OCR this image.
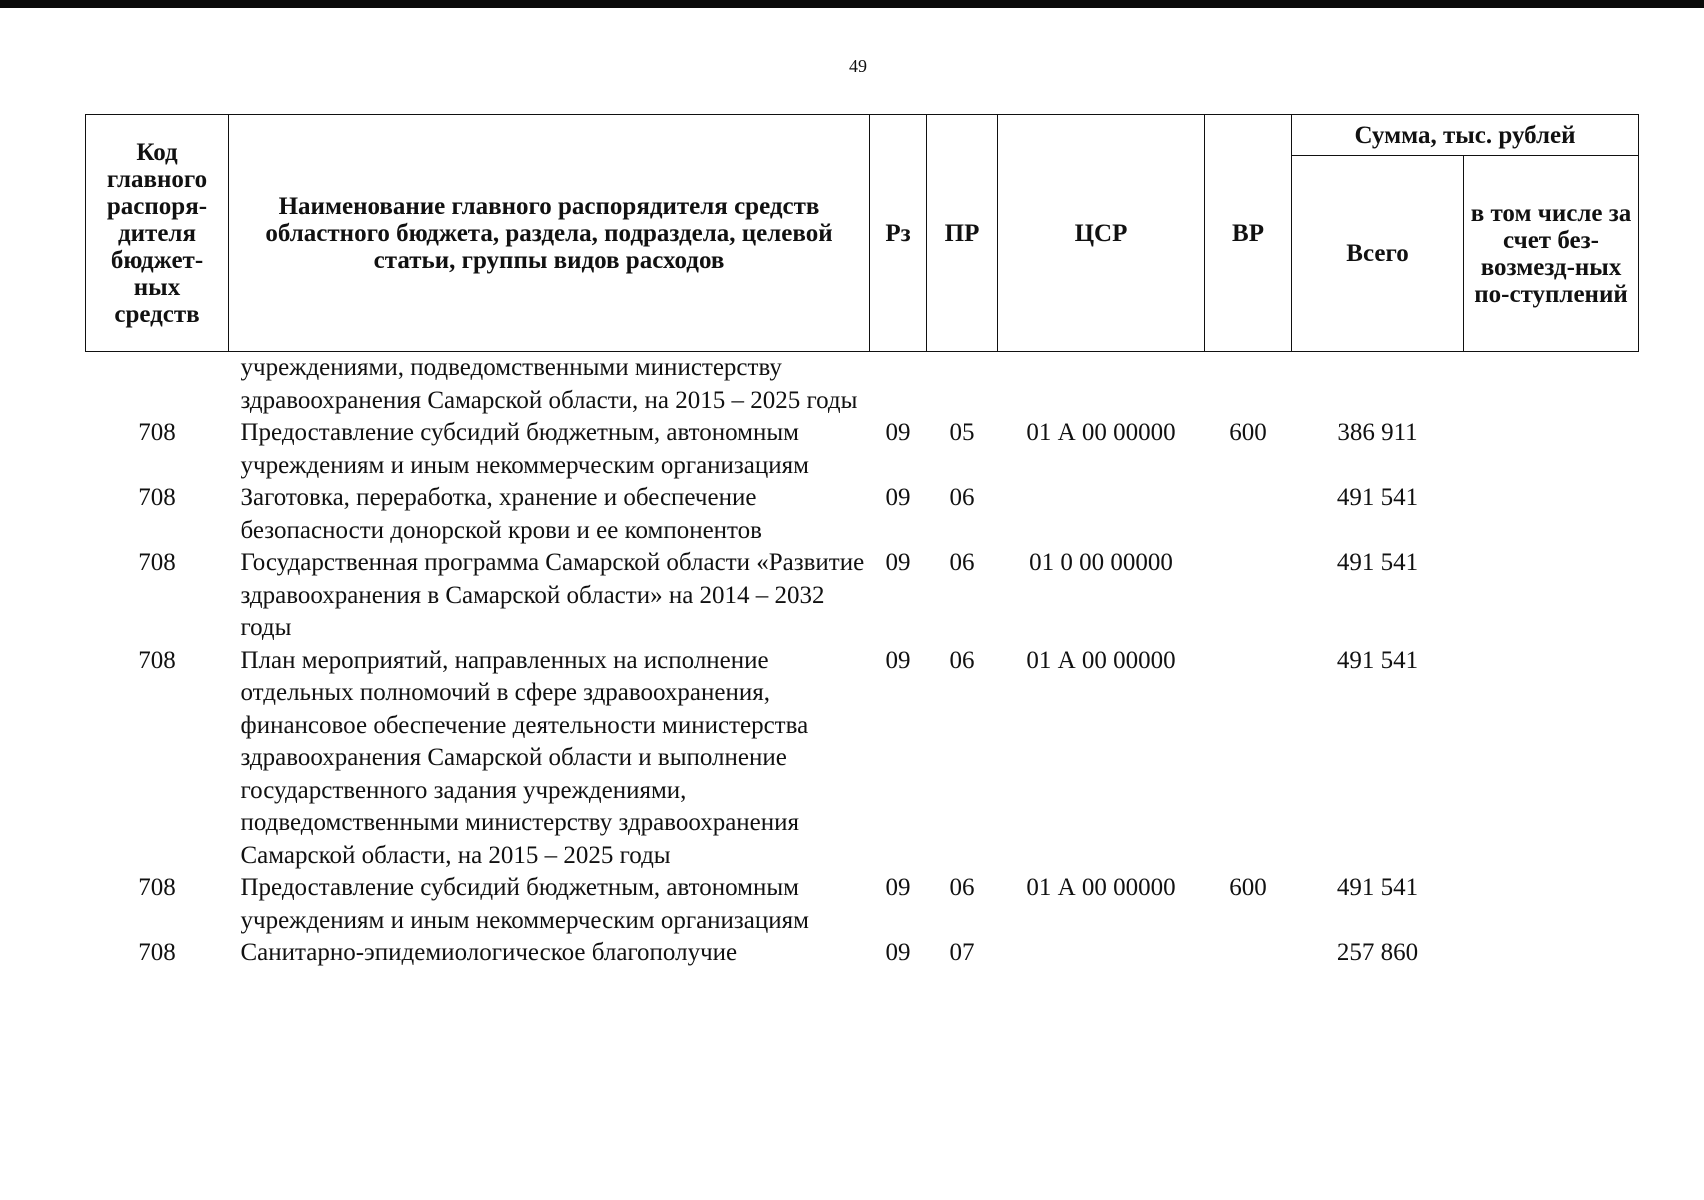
49
Код главного распоря-дителя бюджет-ных средств	Наименование главного распорядителя средств областного бюджета, раздела, подраздела, целевой статьи, группы видов расходов	Рз	ПР	ЦСР	ВР	Сумма, тыс. рублей	
						Всего	в том числе за счет без-возмезд-ных по-ступлений
	учреждениями, подведомственными министерству здравоохранения Самарской области, на 2015 – 2025 годы						
708	Предоставление субсидий бюджетным, автономным учреждениям и иным некоммерческим организациям	09	05	01 А 00 00000	600	386 911	
708	Заготовка, переработка, хранение и обеспечение безопасности донорской крови и ее компонентов	09	06			491 541	
708	Государственная программа Самарской области «Развитие здравоохранения в Самарской области» на 2014 – 2032 годы	09	06	01 0 00 00000		491 541	
708	План мероприятий, направленных на исполнение отдельных полномочий в сфере здравоохранения, финансовое обеспечение деятельности министерства здравоохранения Самарской области и выполнение государственного задания учреждениями, подведомственными министерству здравоохранения Самарской области, на 2015 – 2025 годы	09	06	01 А 00 00000		491 541	
708	Предоставление субсидий бюджетным, автономным учреждениям и иным некоммерческим организациям	09	06	01 А 00 00000	600	491 541	
708	Санитарно-эпидемиологическое благополучие	09	07			257 860	
